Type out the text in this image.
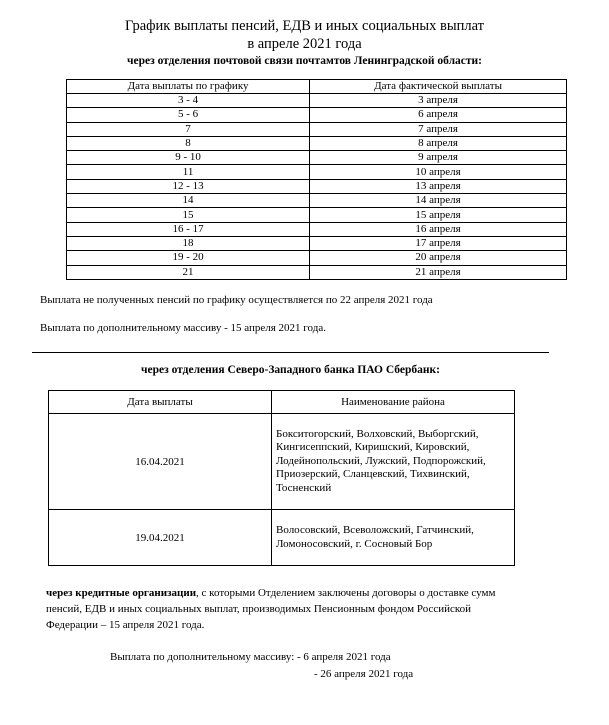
График выплаты пенсий, ЕДВ и иных социальных выплат
в апреле 2021 года
через отделения почтовой связи почтамтов Ленинградской области:
Дата выплаты по графику	Дата фактической выплаты
3 - 4	3 апреля
5 - 6	6 апреля
7	7 апреля
8	8 апреля
9 - 10	9 апреля
11	10 апреля
12 - 13	13 апреля
14	14 апреля
15	15 апреля
16 - 17	16 апреля
18	17 апреля
19 - 20	20 апреля
21	21 апреля
Выплата не полученных пенсий по графику осуществляется по 22 апреля 2021 года
Выплата по дополнительному массиву - 15 апреля 2021 года.
через отделения Северо-Западного банка ПАО Сбербанк:
Дата выплаты	Наименование района
16.04.2021	Бокситогорский, Волховский, Выборгский,
Кингисеппский, Киришский, Кировский,
Лодейнопольский, Лужский, Подпорожский,
Приозерский, Сланцевский, Тихвинский,
Тосненский

19.04.2021	Волосовский, Всеволожский, Гатчинский,
Ломоносовский, г. Сосновый Бор
через кредитные организации, с которыми Отделением заключены договоры о доставке сумм
пенсий, ЕДВ и иных социальных выплат, производимых Пенсионным фондом Российской
Федерации – 15 апреля 2021 года.
Выплата по дополнительному массиву: - 6 апреля 2021 года
- 26 апреля 2021 года
